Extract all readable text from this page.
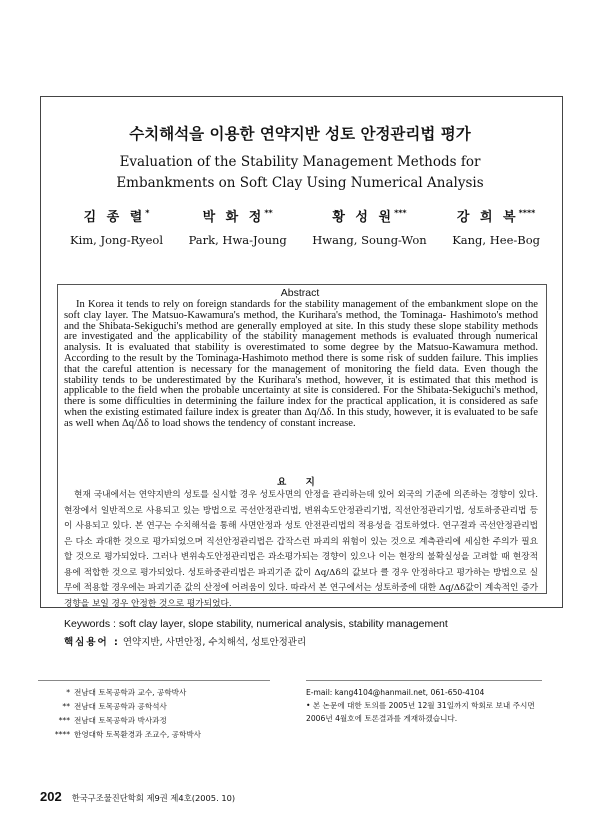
수치해석을 이용한 연약지반 성토 안정관리법 평가
Evaluation of the Stability Management Methods for
Embankments on Soft Clay Using Numerical Analysis
김 종 렬*
Kim, Jong-Ryeol
박 화 정**
Park, Hwa-Joung
황 성 원***
Hwang, Soung-Won
강 희 복****
Kang, Hee-Bog
Abstract

In Korea it tends to rely on foreign standards for the stability management of the embankment slope on the soft clay layer. The Matsuo-Kawamura's method, the Kurihara's method, the Tominaga- Hashimoto's method and the Shibata-Sekiguchi's method are generally employed at site. In this study these slope stability methods are investigated and the applicability of the stability management methods is evaluated through numerical analysis. It is evaluated that stability is overestimated to some degree by the Matsuo-Kawamura method. According to the result by the Tominaga-Hashimoto method there is some risk of sudden failure. This implies that the careful attention is necessary for the management of monitoring the field data. Even though the stability tends to be underestimated by the Kurihara's method, however, it is estimated that this method is applicable to the field when the probable uncertainty at site is considered. For the Shibata-Sekiguchi's method, there is some difficulties in determining the failure index for the practical application, it is considered as safe when the existing estimated failure index is greater than Δq/Δδ. In this study, however, it is evaluated to be safe as well when Δq/Δδ to load shows the tendency of constant increase.

요 지

현재 국내에서는 연약지반의 성토를 실시할 경우 성토사면의 안정을 관리하는데 있어 외국의 기준에 의존하는 경향이 있다. 현장에서 일반적으로 사용되고 있는 방법으로 곡선안정관리법, 변위속도안정관리기법, 직선안정관리기법, 성토하중관리법 등이 사용되고 있다. 본 연구는 수치해석을 통해 사면안정과 성토 안전관리법의 적용성을 검토하였다. 연구결과 곡선안정관리법은 다소 과대한 것으로 평가되었으며 직선안정관리법은 갑작스런 파괴의 위험이 있는 것으로 계측관리에 세심한 주의가 필요할 것으로 평가되었다. 그러나 변위속도안정관리법은 과소평가되는 경향이 있으나 이는 현장의 불확실성을 고려할 때 현장적용에 적합한 것으로 평가되었다. 성토하중관리법은 파괴기준 값이 Δq/Δδ의 값보다 클 경우 안정하다고 평가하는 방법으로 실무에 적용할 경우에는 파괴기준 값의 산정에 어려움이 있다. 따라서 본 연구에서는 성토하중에 대한 Δq/Δδ값이 계속적인 증가 경향을 보일 경우 안정한 것으로 평가되었다.

Keywords : soft clay layer, slope stability, numerical analysis, stability management
핵심용어 : 연약지반, 사면안정, 수치해석, 성토안정관리
* 전남대 토목공학과 교수, 공학박사
** 전남대 토목공학과 공학석사
*** 전남대 토목공학과 박사과정
**** 한영대학 토목환경과 조교수, 공학박사
E-mail: kang4104@hanmail.net, 061-650-4104
• 본 논문에 대한 토의를 2005년 12월 31일까지 학회로 보내 주시면 2006년 4월호에 토론결과를 게재하겠습니다.
202 한국구조물진단학회 제9권 제4호(2005. 10)
